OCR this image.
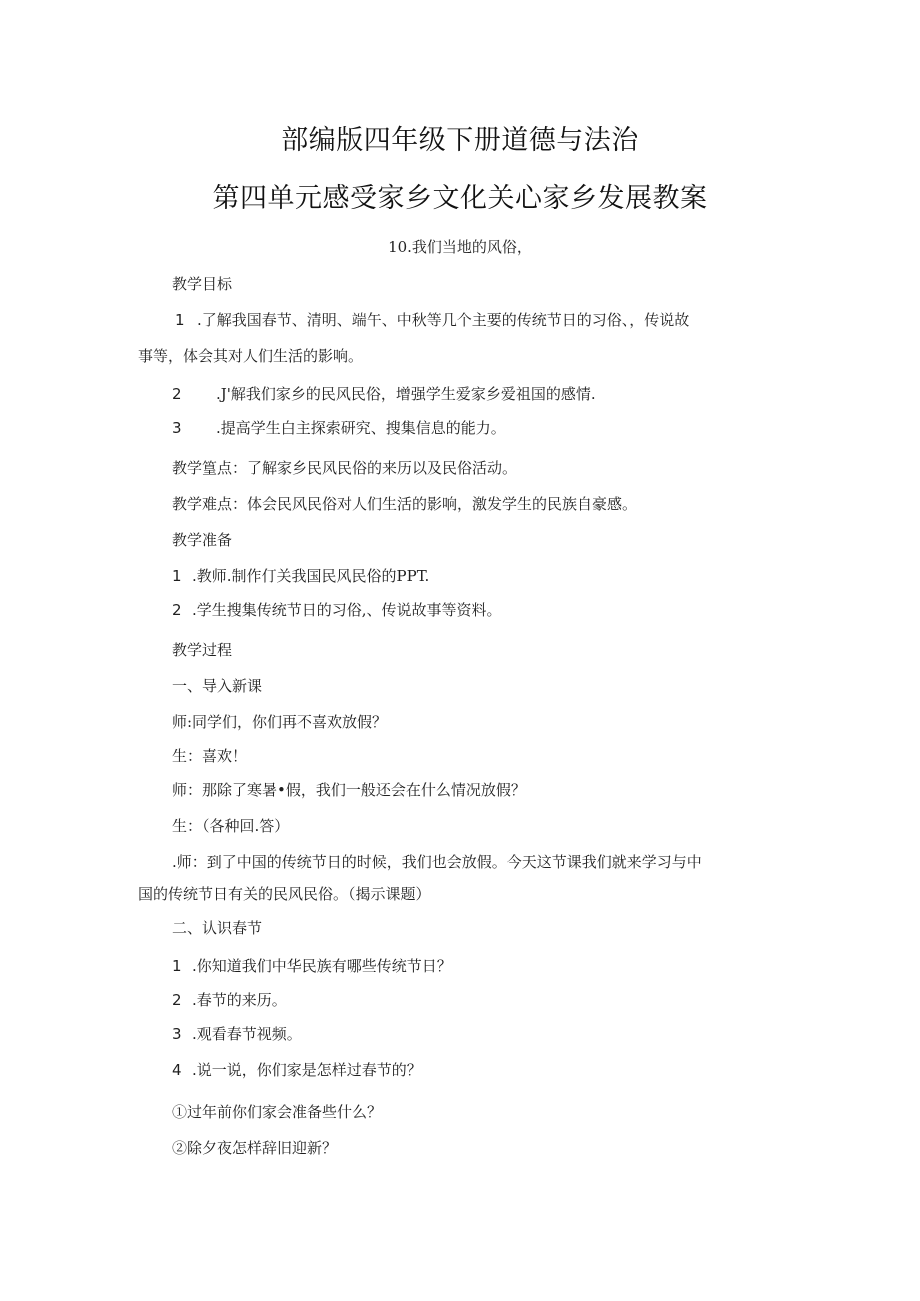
部编版四年级下册道德与法治
第四单元感受家乡文化关心家乡发展教案
10.我们当地的风俗，
教学目标
1 .了解我国春节、清明、端午、中秋等几个主要的传统节日的习俗、，传说故
事等，体会其对人们生活的影响。
2 .J'解我们家乡的民风民俗，增强学生爱家乡爱祖国的感情.
3 .提高学生白主探索研究、搜集信息的能力。
教学篁点：了解家乡民风民俗的来历以及民俗活动。
教学难点：体会民风民俗对人们生活的影响，激发学生的民族自豪感。
教学准备
1 .教师.制作仃关我国民风民俗的PPT.
2 .学生搜集传统节日的习俗,、传说故事等资料。
教学过程
一、导入新课
师:同学们，你们再不喜欢放假？
生：喜欢！
师：那除了寒暑•假，我们一般还会在什么情况放假？
生：（各种回.答）
.师：到了中国的传统节日的时候，我们也会放假。今天这节课我们就来学习与中
国的传统节日有关的民风民俗。（揭示课题）
二、认识春节
1 .你知道我们中华民族有哪些传统节日？
2 .春节的来历。
3 .观看春节视频。
4 .说一说，你们家是怎样过春节的？
①过年前你们家会准备些什么？
②除夕夜怎样辞旧迎新？
